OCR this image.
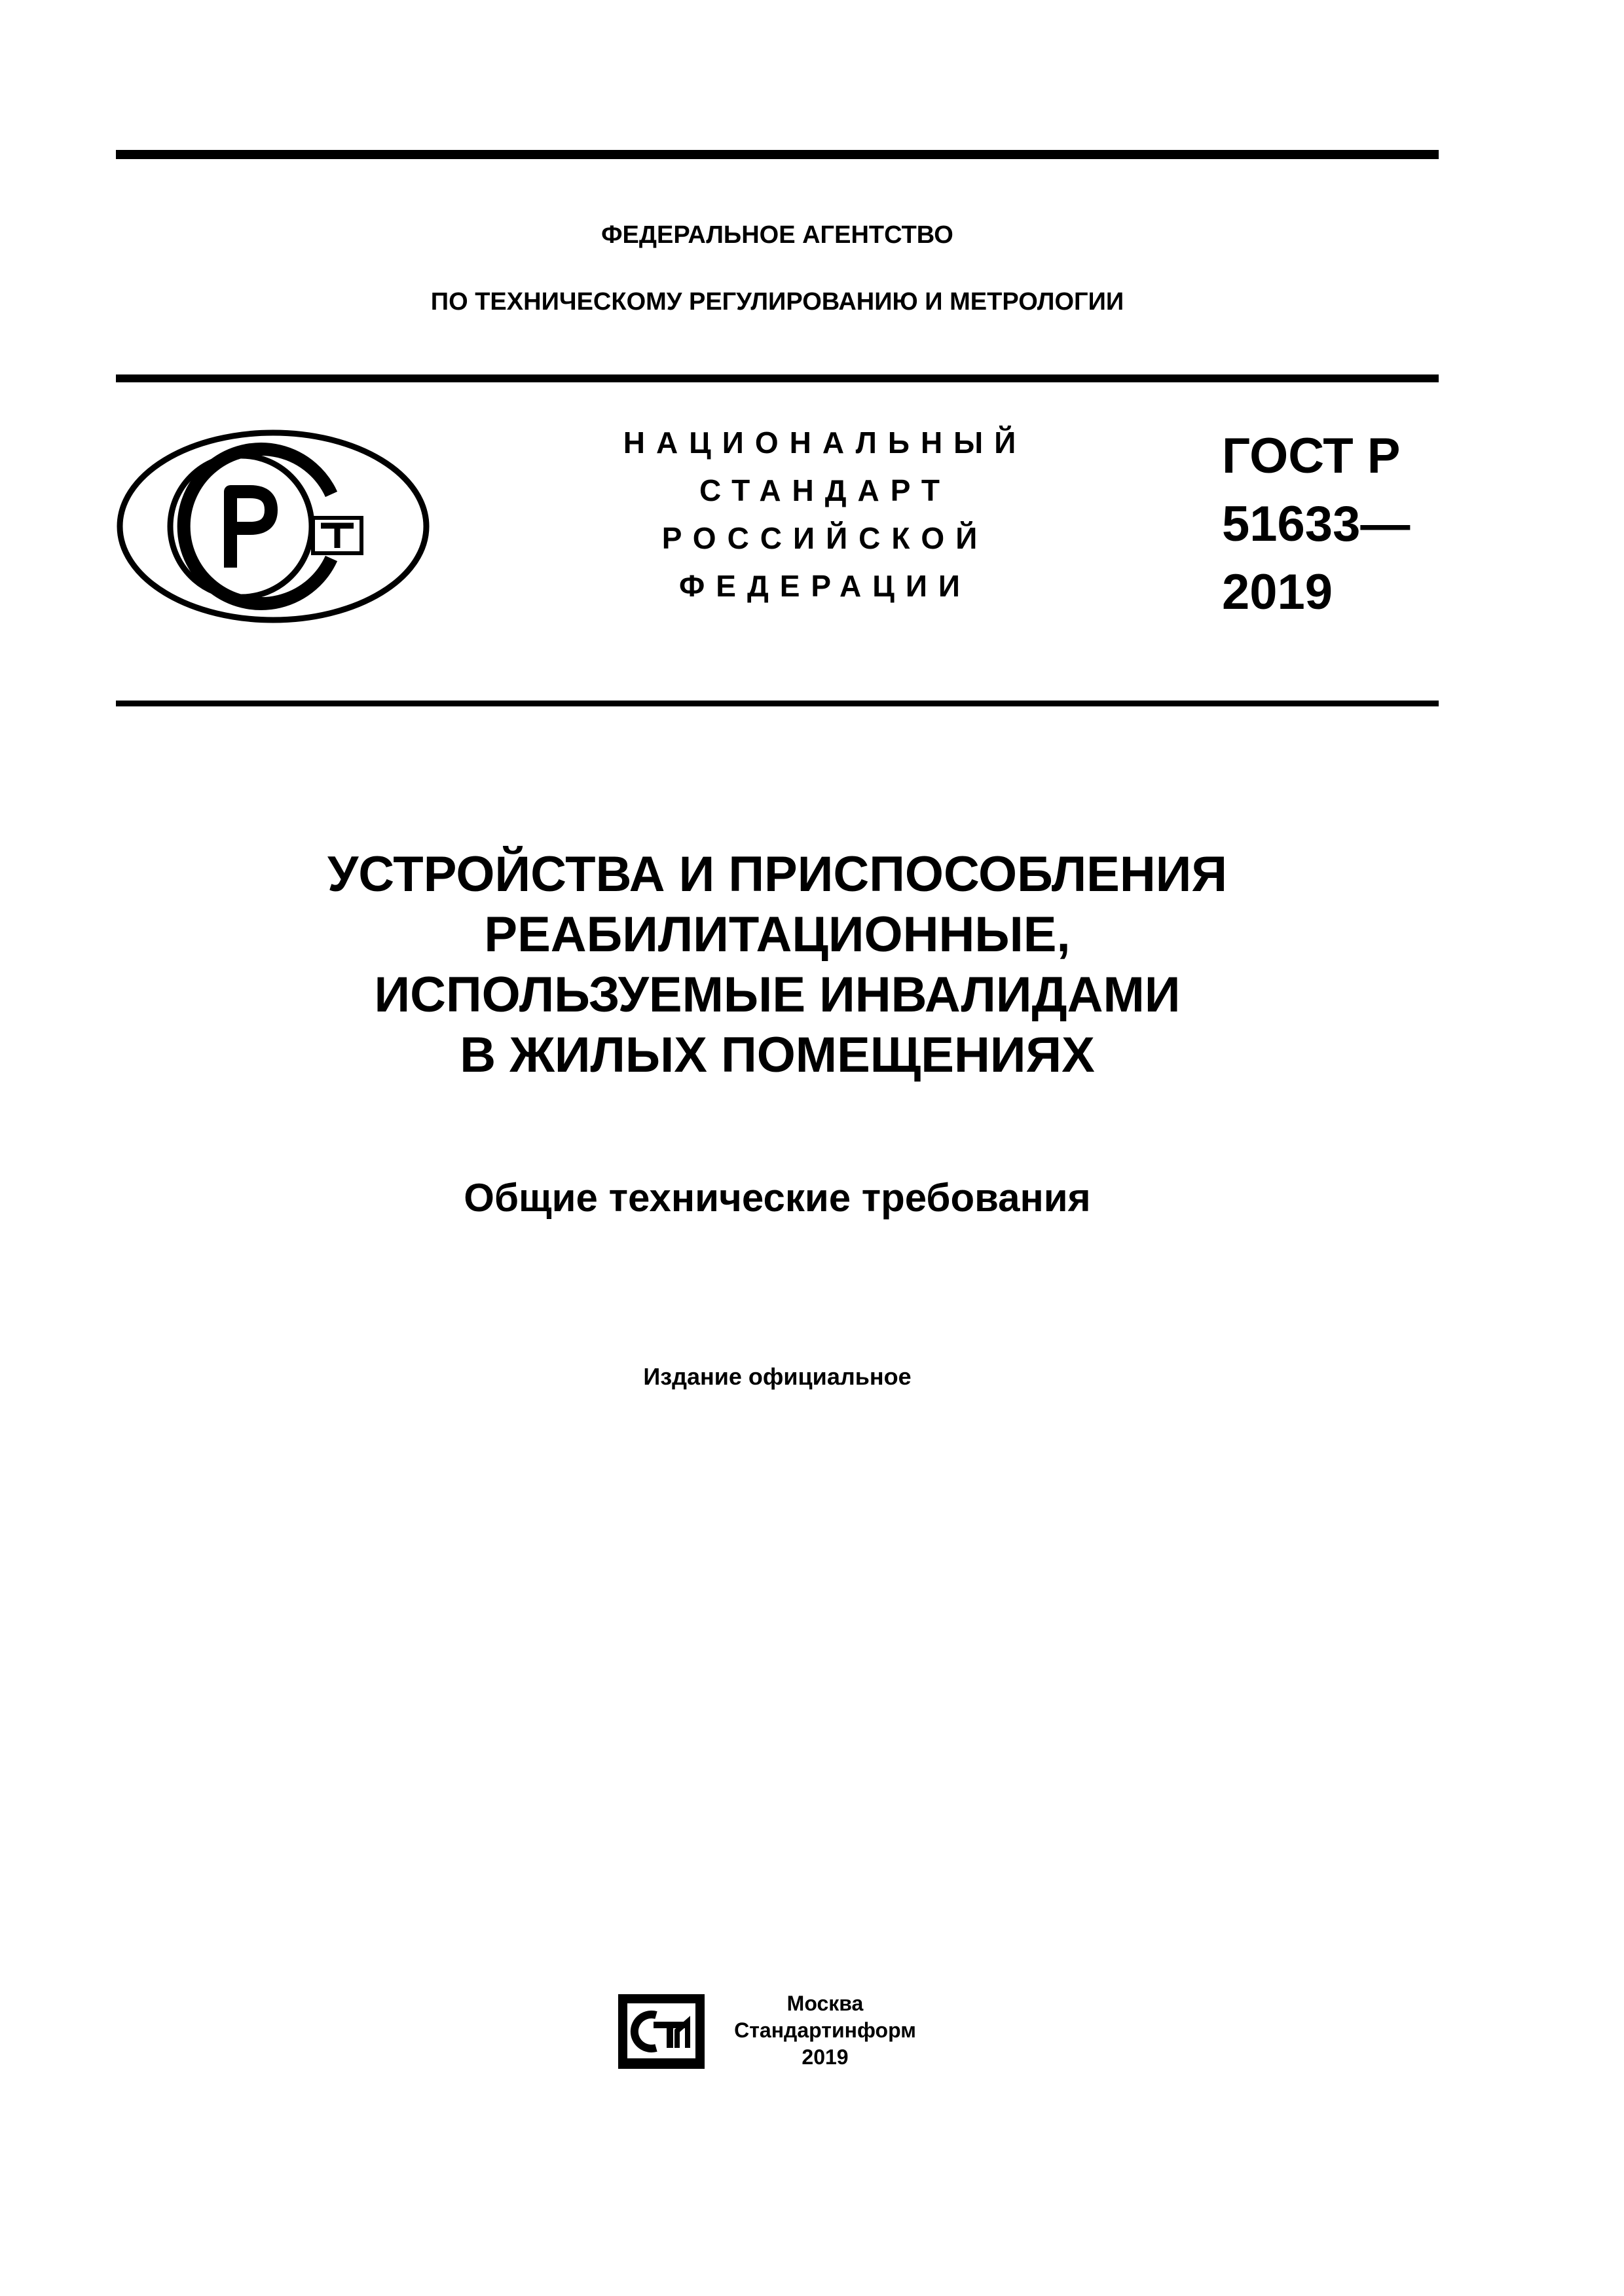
ФЕДЕРАЛЬНОЕ АГЕНТСТВО
ПО ТЕХНИЧЕСКОМУ РЕГУЛИРОВАНИЮ И МЕТРОЛОГИИ
НАЦИОНАЛЬНЫЙ
СТАНДАРТ
РОССИЙСКОЙ
ФЕДЕРАЦИИ
ГОСТ Р
51633—
2019
УСТРОЙСТВА И ПРИСПОСОБЛЕНИЯ
РЕАБИЛИТАЦИОННЫЕ,
ИСПОЛЬЗУЕМЫЕ ИНВАЛИДАМИ
В ЖИЛЫХ ПОМЕЩЕНИЯХ
Общие технические требования
Издание официальное
Москва
Стандартинформ
2019
